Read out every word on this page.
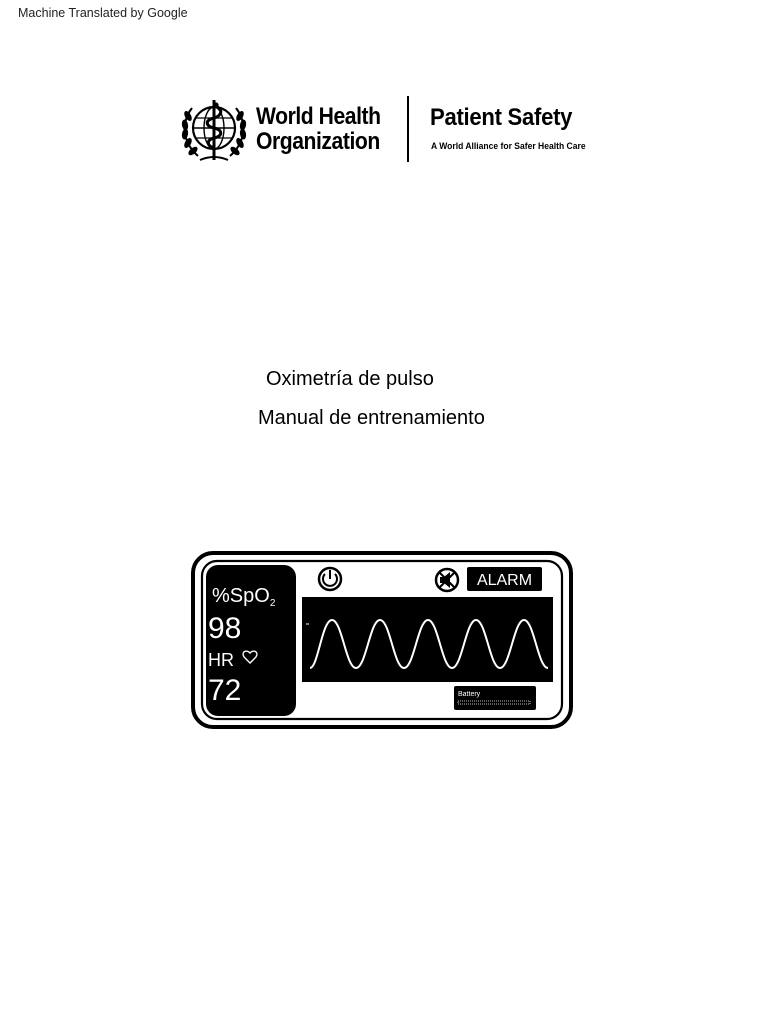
Machine Translated by Google
World Health
Organization
Patient Safety
A World Alliance for Safer Health Care
Oximetría de pulso
Manual de entrenamiento
%SpO$_2$
98
HR
72
ALARM
Battery
